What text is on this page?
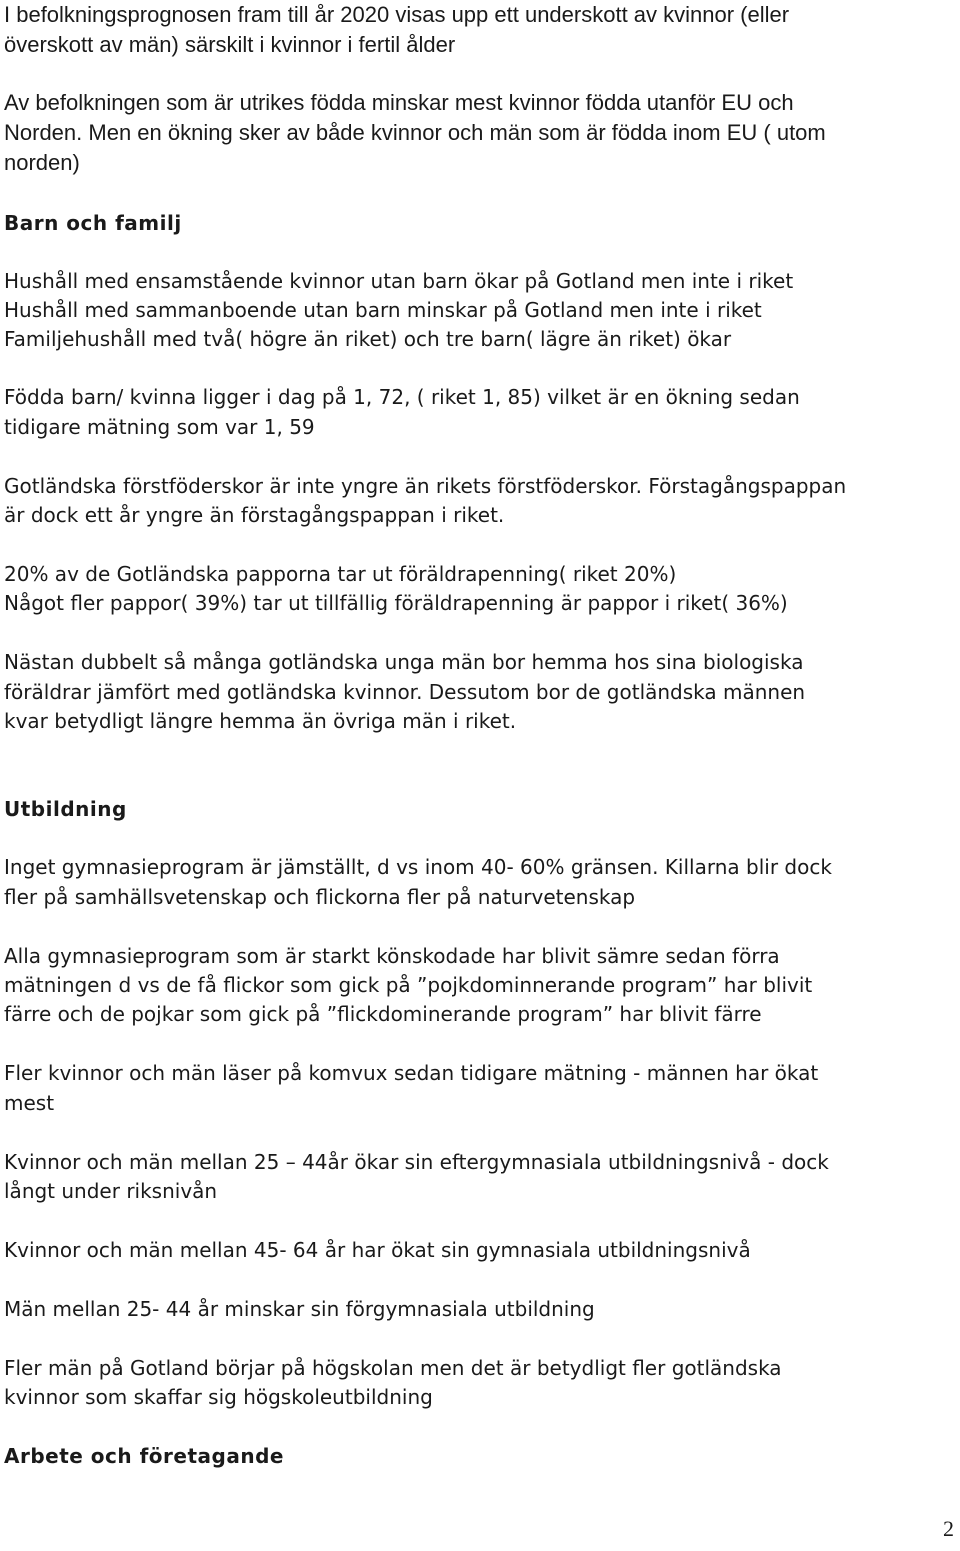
I befolkningsprognosen fram till år 2020 visas upp ett underskott av kvinnor (eller
överskott av män) särskilt i kvinnor i fertil ålder
Av befolkningen som är utrikes födda minskar mest kvinnor födda utanför EU och
Norden. Men en ökning sker av både kvinnor och män som är födda inom EU ( utom
norden)
Barn och familj
Hushåll med ensamstående kvinnor utan barn ökar på Gotland men inte i riket
Hushåll med sammanboende utan barn minskar på Gotland men inte i riket
Familjehushåll med två( högre än riket) och tre barn( lägre än riket) ökar
Födda barn/ kvinna ligger i dag på 1, 72, ( riket 1, 85) vilket är en ökning sedan
tidigare mätning som var 1, 59
Gotländska förstföderskor är inte yngre än rikets förstföderskor. Förstagångspappan
är dock ett år yngre än förstagångspappan i riket.
20% av de Gotländska papporna tar ut föräldrapenning( riket 20%)
Något fler pappor( 39%) tar ut tillfällig föräldrapenning är pappor i riket( 36%)
Nästan dubbelt så många gotländska unga män bor hemma hos sina biologiska
föräldrar jämfört med gotländska kvinnor. Dessutom bor de gotländska männen
kvar betydligt längre hemma än övriga män i riket.
Utbildning
Inget gymnasieprogram är jämställt, d vs inom 40- 60% gränsen. Killarna blir dock
fler på samhällsvetenskap och flickorna fler på naturvetenskap
Alla gymnasieprogram som är starkt könskodade har blivit sämre sedan förra
mätningen d vs de få flickor som gick på ”pojkdominnerande program” har blivit
färre och de pojkar som gick på ”flickdominerande program” har blivit färre
Fler kvinnor och män läser på komvux sedan tidigare mätning - männen har ökat
mest
Kvinnor och män mellan 25 – 44år ökar sin eftergymnasiala utbildningsnivå - dock
långt under riksnivån
Kvinnor och män mellan 45- 64 år har ökat sin gymnasiala utbildningsnivå
Män mellan 25- 44 år minskar sin förgymnasiala utbildning
Fler män på Gotland börjar på högskolan men det är betydligt fler gotländska
kvinnor som skaffar sig högskoleutbildning
Arbete och företagande
2
